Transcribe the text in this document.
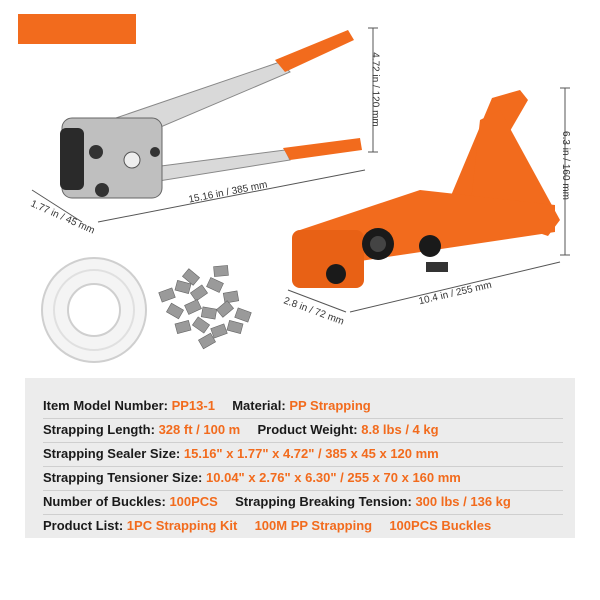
4.72 in / 120 mm
15.16 in / 385 mm
1.77 in / 45 mm
6.3 in / 160 mm
10.4 in / 255 mm
2.8 in / 72 mm
Item Model Number: PP13-1 Material: PP Strapping
Strapping Length: 328 ft / 100 m Product Weight: 8.8 lbs / 4 kg
Strapping Sealer Size: 15.16" x 1.77" x 4.72" / 385 x 45 x 120 mm
Strapping Tensioner Size: 10.04" x 2.76" x 6.30" / 255 x 70 x 160 mm
Number of Buckles: 100PCS Strapping Breaking Tension: 300 lbs / 136 kg
Product List: 1PC Strapping Kit 100M PP Strapping 100PCS Buckles
